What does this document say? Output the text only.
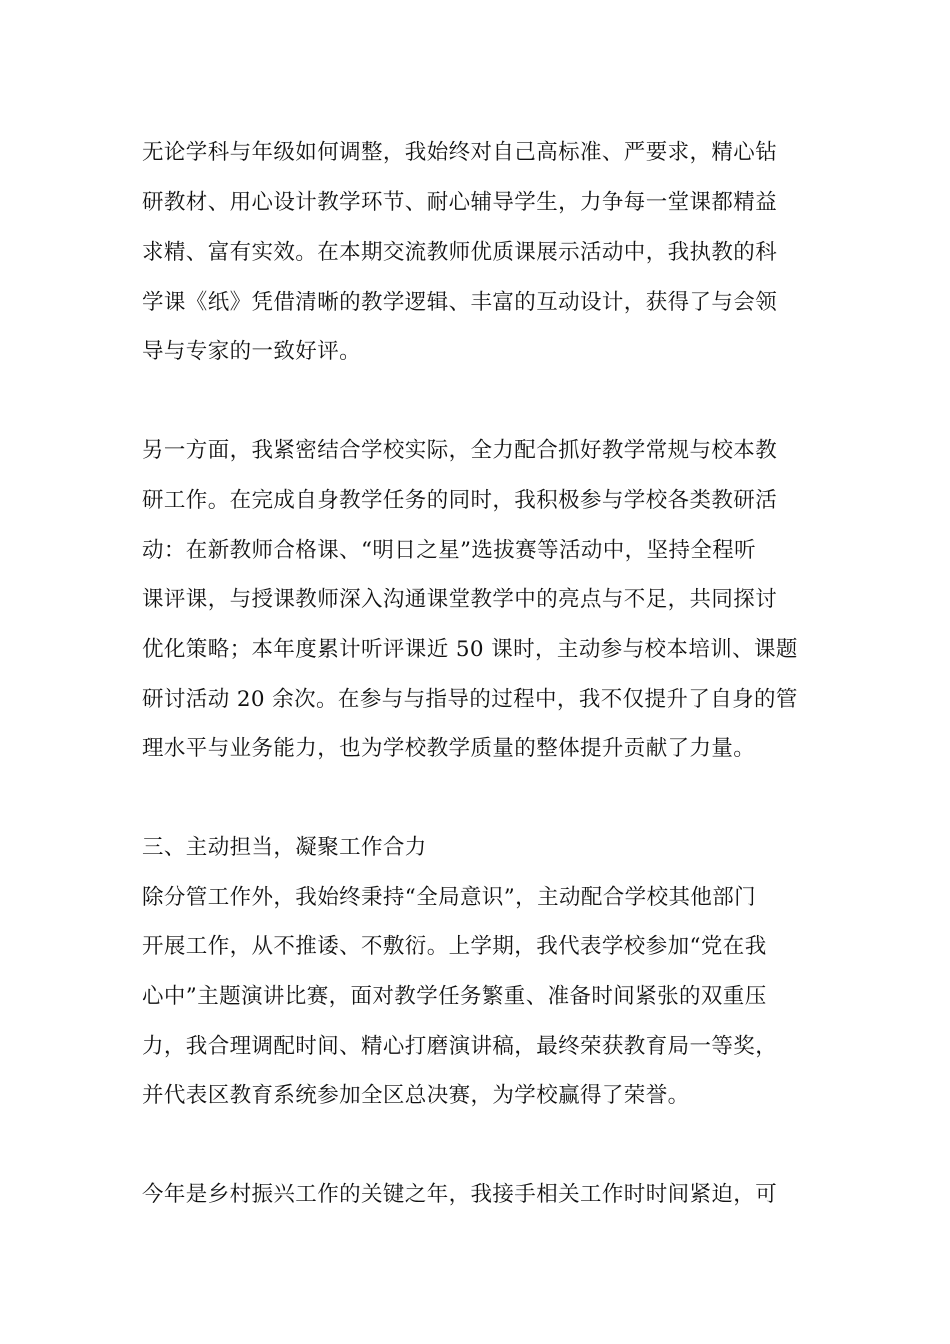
无论学科与年级如何调整，我始终对自己高标准、严要求，精心钻
研教材、用心设计教学环节、耐心辅导学生，力争每一堂课都精益
求精、富有实效。在本期交流教师优质课展示活动中，我执教的科
学课《纸》凭借清晰的教学逻辑、丰富的互动设计，获得了与会领
导与专家的一致好评。
另一方面，我紧密结合学校实际，全力配合抓好教学常规与校本教
研工作。在完成自身教学任务的同时，我积极参与学校各类教研活
动：在新教师合格课、“明日之星”选拔赛等活动中，坚持全程听
课评课，与授课教师深入沟通课堂教学中的亮点与不足，共同探讨
优化策略；本年度累计听评课近 50 课时，主动参与校本培训、课题
研讨活动 20 余次。在参与与指导的过程中，我不仅提升了自身的管
理水平与业务能力，也为学校教学质量的整体提升贡献了力量。
三、主动担当，凝聚工作合力
除分管工作外，我始终秉持“全局意识”，主动配合学校其他部门
开展工作，从不推诿、不敷衍。上学期，我代表学校参加“党在我
心中”主题演讲比赛，面对教学任务繁重、准备时间紧张的双重压
力，我合理调配时间、精心打磨演讲稿，最终荣获教育局一等奖，
并代表区教育系统参加全区总决赛，为学校赢得了荣誉。
今年是乡村振兴工作的关键之年，我接手相关工作时时间紧迫，可
